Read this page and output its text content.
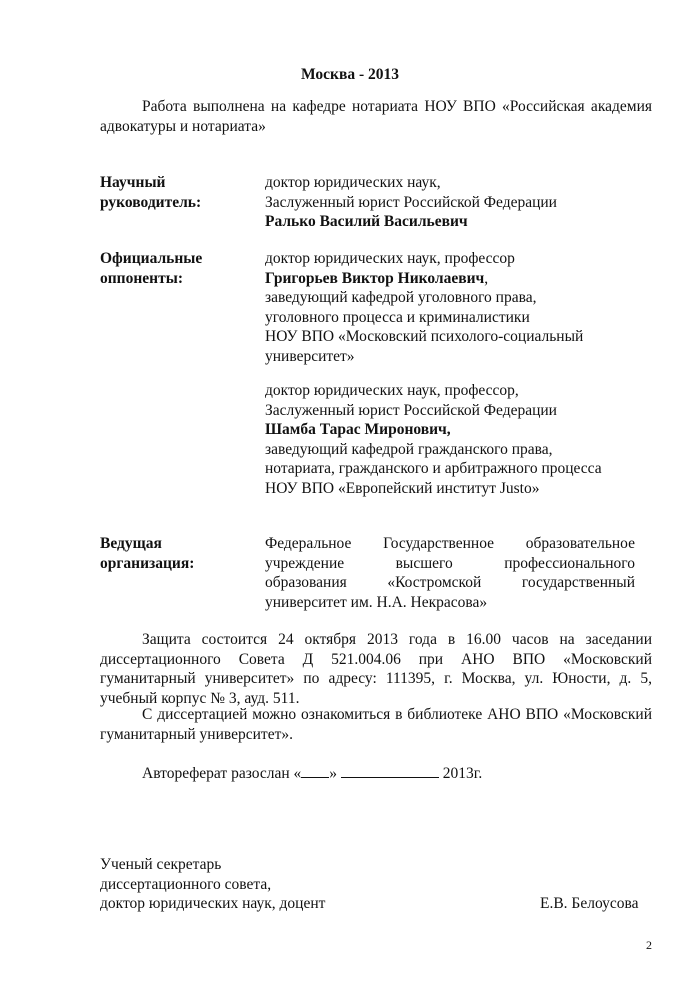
Москва - 2013

Работа выполнена на кафедре нотариата НОУ ВПО «Российская академия адвокатуры и нотариата»

Научный
руководитель:
доктор юридических наук,
Заслуженный юрист Российской Федерации
Ралько Василий Васильевич
Официальные
оппоненты:
доктор юридических наук, профессор
Григорьев Виктор Николаевич,
заведующий кафедрой уголовного права,
уголовного процесса и криминалистики
НОУ ВПО «Московский психолого-социальный
университет»
доктор юридических наук, профессор,
Заслуженный юрист Российской Федерации
Шамба Тарас Миронович,
заведующий кафедрой гражданского права,
нотариата, гражданского и арбитражного процесса
НОУ ВПО «Европейский институт Justo»
Ведущая
организация:
Федеральное Государственное образовательное
учреждение высшего профессионального
образования «Костромской государственный
университет им. Н.А. Некрасова»

Защита состоится 24 октября 2013 года в 16.00 часов на заседании диссертационного Совета Д 521.004.06 при АНО ВПО «Московский гуманитарный университет» по адресу: 111395, г. Москва, ул. Юности, д. 5, учебный корпус № 3, ауд. 511.

С диссертацией можно ознакомиться в библиотеке АНО ВПО «Московский гуманитарный университет».

Автореферат разослан « »	2013г.
Ученый секретарь
диссертационного совета,
доктор юридических наук, доцент	Е.В. Белоусова
2
